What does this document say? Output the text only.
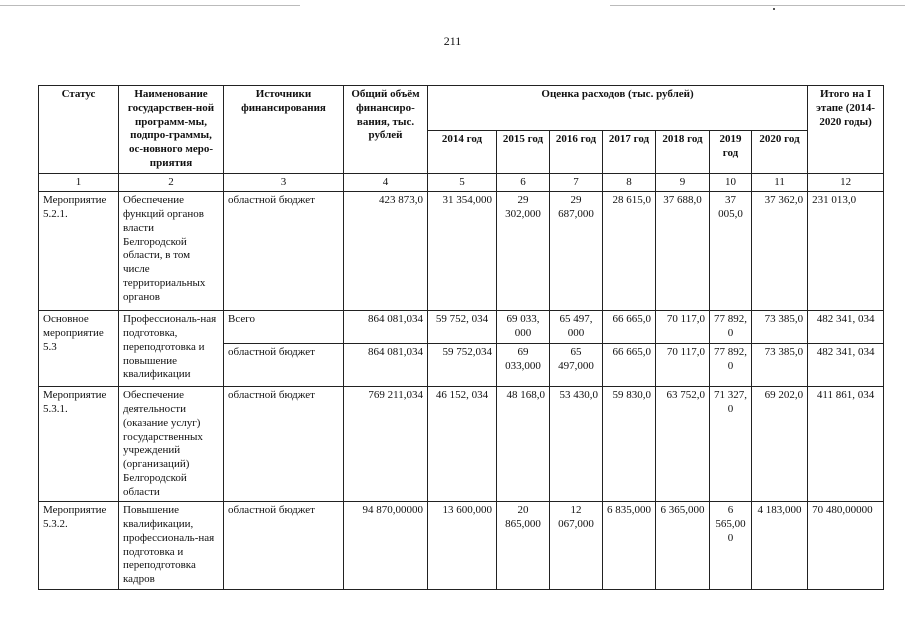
211
Статус	Наименование государствен-ной программ-мы, подпро-граммы, ос-новного меро-приятия	Источники финансирования	Общий объём финансиро-вания, тыс. рублей	Оценка расходов (тыс. рублей)							Итого на I этапе (2014-2020 годы)
				2014 год	2015 год	2016 год	2017 год	2018 год	2019 год	2020 год	
1	2	3	4	5	6	7	8	9	10	11	12
Мероприятие 5.2.1.	Обеспечение функций органов власти Белгородской области, в том числе территориальных органов	областной бюджет	423 873,0	31 354,000	29 302,000	29 687,000	28 615,0	37 688,0	37 005,0	37 362,0	231 013,0
Основное мероприятие 5.3	Профессиональ-ная подготовка, переподготовка и повышение квалификации	Всего	864 081,034	59 752, 034	69 033, 000	65 497, 000	66 665,0	70 117,0	77 892, 0	73 385,0	482 341, 034
		областной бюджет	864 081,034	59 752,034	69 033,000	65 497,000	66 665,0	70 117,0	77 892, 0	73 385,0	482 341, 034
Мероприятие 5.3.1.	Обеспечение деятельности (оказание услуг) государственных учреждений (организаций) Белгородской области	областной бюджет	769 211,034	46 152, 034	48 168,0	53 430,0	59 830,0	63 752,0	71 327, 0	69 202,0	411 861, 034
Мероприятие 5.3.2.	Повышение квалификации, профессиональ-ная подготовка и переподготовка кадров	областной бюджет	94 870,00000	13 600,000	20 865,000	12 067,000	6 835,000	6 365,000	6 565,00 0	4 183,000	70 480,00000
